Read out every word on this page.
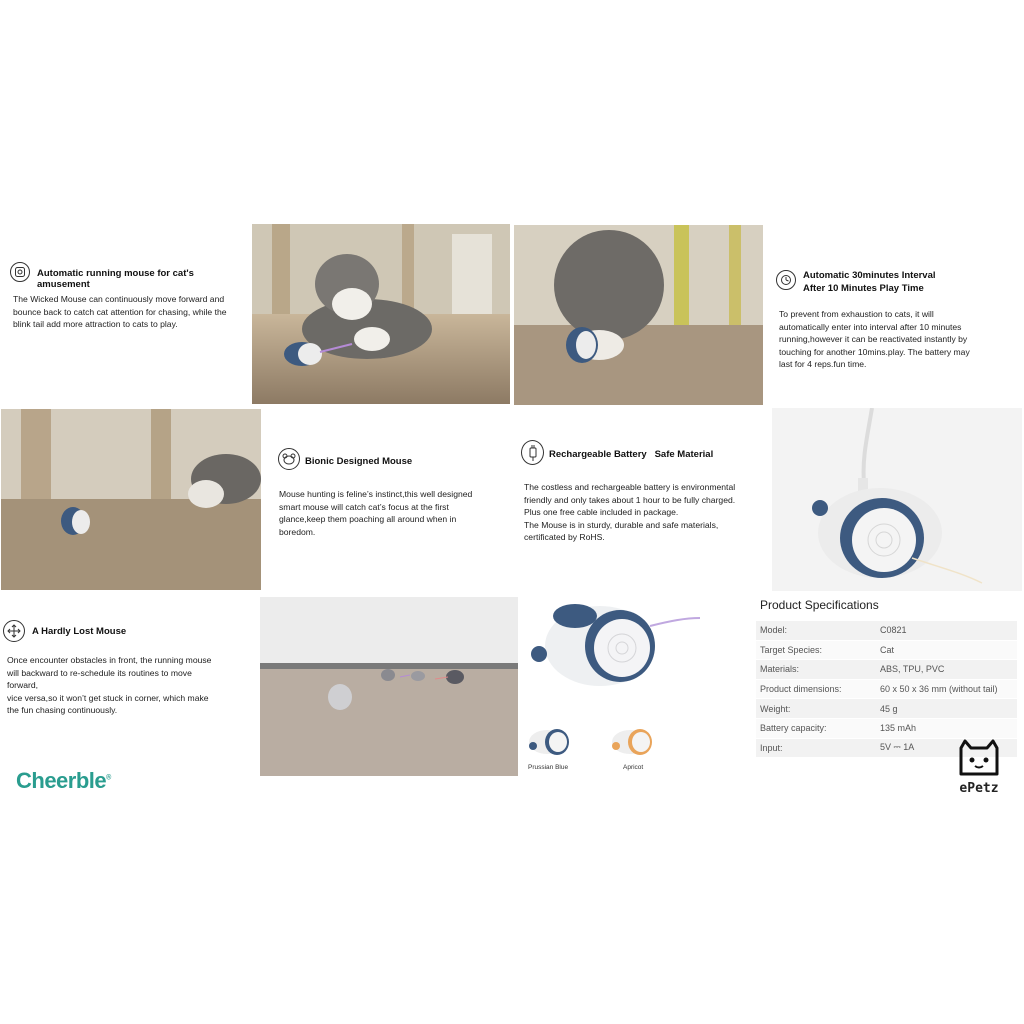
Automatic running mouse for cat's amusement
The Wicked Mouse can continuously move forward and bounce back to catch cat attention for chasing, while the blink tail add more attraction to cats to play.
Automatic 30minutes Interval
After 10 Minutes Play Time
To prevent from exhaustion to cats, it will automatically enter into interval after 10 minutes running,however it can be reactivated instantly by touching for another 10mins.play. The battery may last for 4 reps.fun time.
Bionic Designed Mouse
Mouse hunting is feline’s instinct,this well designed smart mouse will catch cat’s focus at the first glance,keep them poaching all around when in boredom.
Rechargeable Battery   Safe Material
The costless and rechargeable battery is environmental friendly and only takes about 1 hour to be fully charged. Plus one free cable included in package.
The Mouse is in sturdy, durable and safe materials, certificated by RoHS.
A Hardly Lost Mouse
Once encounter obstacles in front, the running mouse will backward to re-schedule its routines to move forward,
vice versa,so it won’t get stuck in corner, which make the fun chasing continuously.
Cheerble®
Prussian Blue	Apricot
Product Specifications
Model:	C0821
Target Species:	Cat
Materials:	ABS, TPU, PVC
Product dimensions:	60 x 50 x 36 mm (without tail)
Weight:	45 g
Battery capacity:	135 mAh
Input:	5V ⎓ 1A
ePetz
